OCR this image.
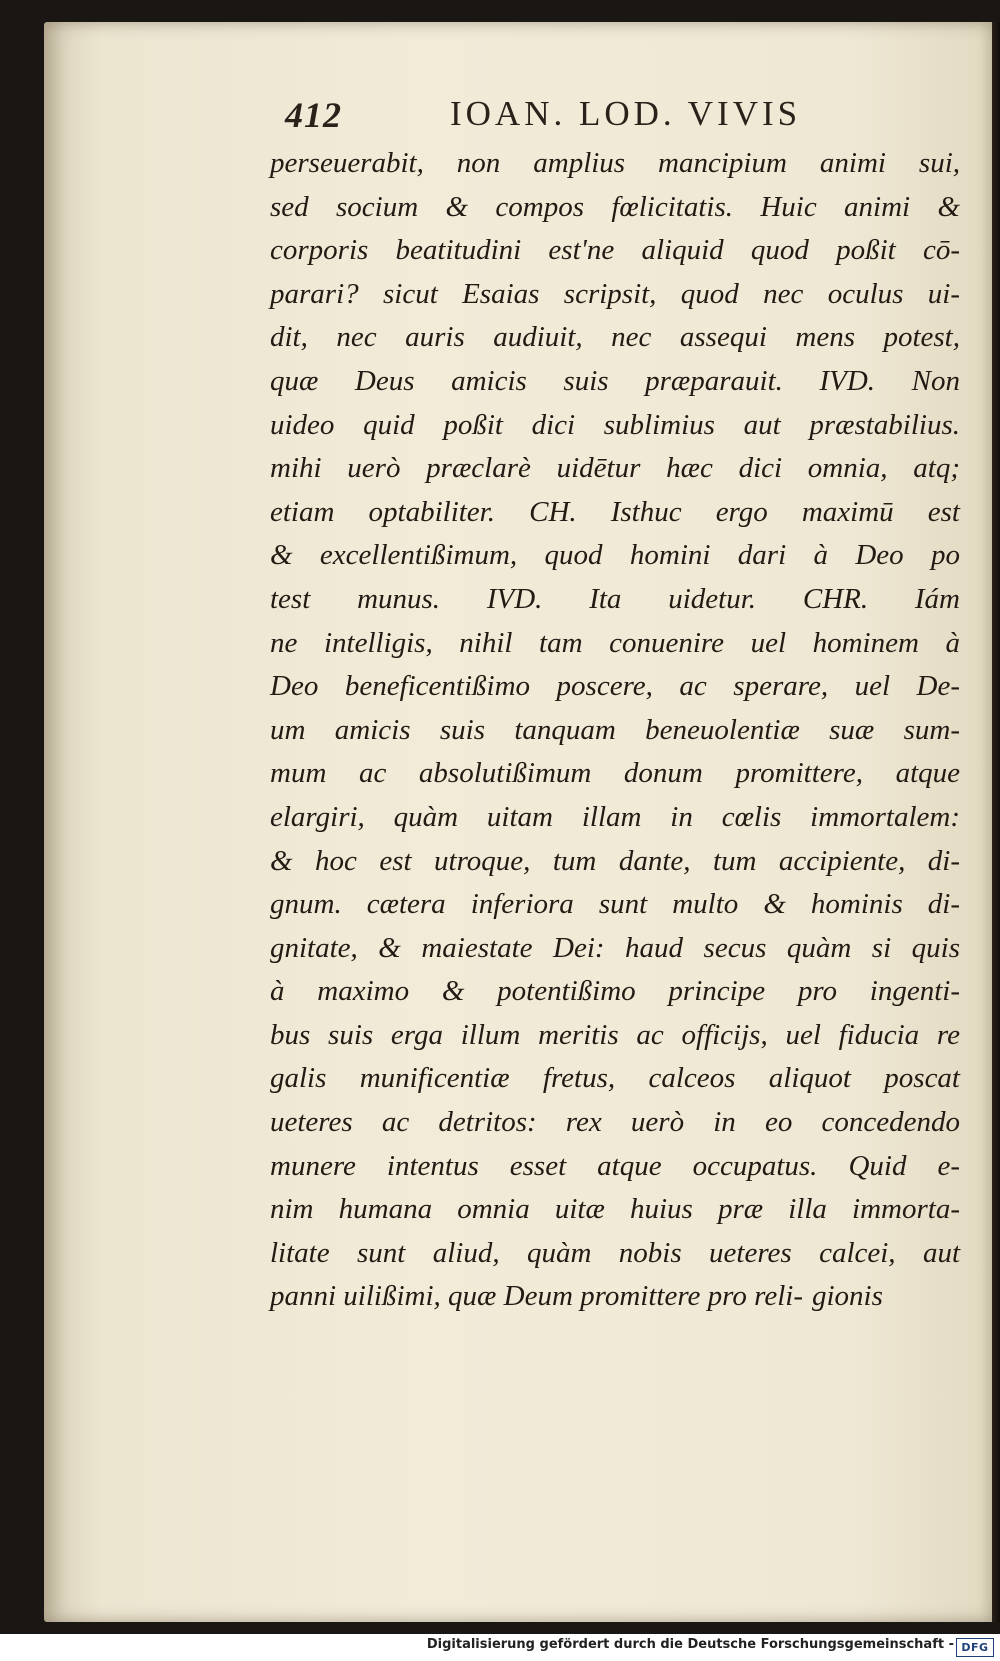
412	IOAN. LOD. VIVIS
perseuerabit, non amplius mancipium animi sui,
sed socium & compos fœlicitatis. Huic animi &
corporis beatitudini est'ne aliquid quod poßit cō-
parari? sicut Esaias scripsit, quod nec oculus ui-
dit, nec auris audiuit, nec assequi mens potest,
quæ Deus amicis suis præparauit. IVD. Non
uideo quid poßit dici sublimius aut præstabilius.
mihi uerò præclarè uidētur hæc dici omnia, atq;
etiam optabiliter. CH. Isthuc ergo maximū est
& excellentißimum, quod homini dari à Deo po
test munus. IVD. Ita uidetur. CHR. Iám
ne intelligis, nihil tam conuenire uel hominem à
Deo beneficentißimo poscere, ac sperare, uel De-
um amicis suis tanquam beneuolentiæ suæ sum-
mum ac absolutißimum donum promittere, atque
elargiri, quàm uitam illam in cœlis immortalem:
& hoc est utroque, tum dante, tum accipiente, di-
gnum. cætera inferiora sunt multo & hominis di-
gnitate, & maiestate Dei: haud secus quàm si quis
à maximo & potentißimo principe pro ingenti-
bus suis erga illum meritis ac officijs, uel fiducia re
galis munificentiæ fretus, calceos aliquot poscat
ueteres ac detritos: rex uerò in eo concedendo
munere intentus esset atque occupatus. Quid e-
nim humana omnia uitæ huius præ illa immorta-
litate sunt aliud, quàm nobis ueteres calcei, aut
panni uilißimi, quæ Deum promittere pro reli- gionis
Digitalisierung gefördert durch die Deutsche Forschungsgemeinschaft - DFG
